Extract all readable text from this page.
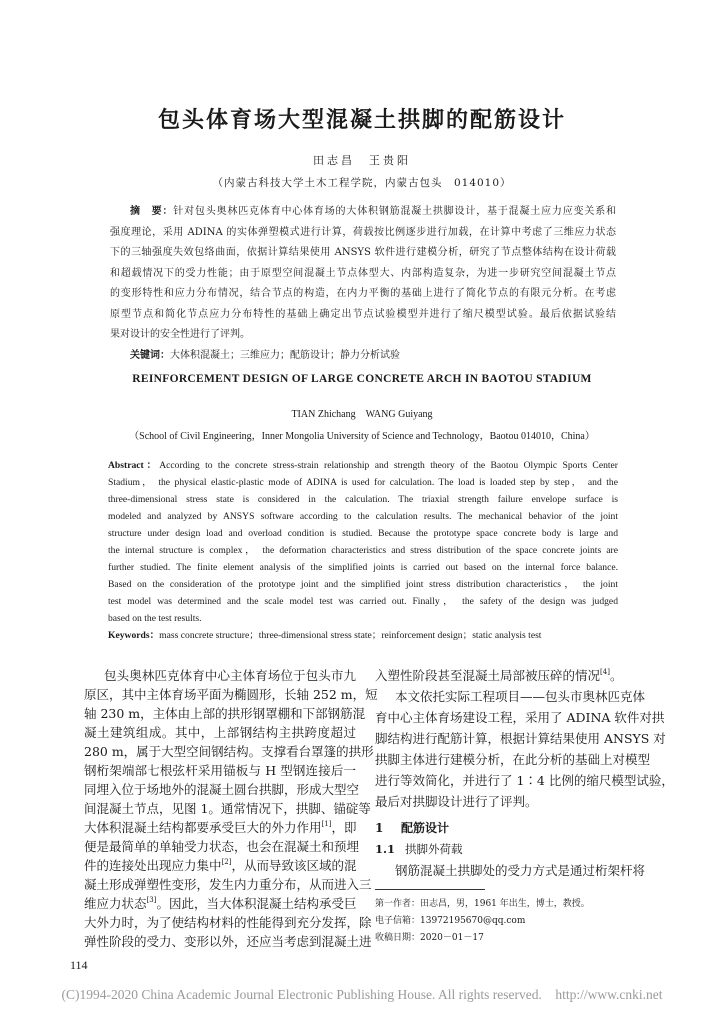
包头体育场大型混凝土拱脚的配筋设计
田志昌　王贵阳
（内蒙古科技大学土木工程学院，内蒙古包头　014010）
摘　要：针对包头奥林匹克体育中心体育场的大体积钢筋混凝土拱脚设计，基于混凝土应力应变关系和
强度理论，采用 ADINA 的实体弹塑模式进行计算，荷载按比例逐步进行加载，在计算中考虑了三维应力状态
下的三轴强度失效包络曲面，依据计算结果使用 ANSYS 软件进行建模分析，研究了节点整体结构在设计荷载
和超载情况下的受力性能；由于原型空间混凝土节点体型大、内部构造复杂，为进一步研究空间混凝土节点
的变形特性和应力分布情况，结合节点的构造，在内力平衡的基础上进行了简化节点的有限元分析。在考虑
原型节点和简化节点应力分布特性的基础上确定出节点试验模型并进行了缩尺模型试验。最后依据试验结
果对设计的安全性进行了评判。
关键词：大体积混凝土；三维应力；配筋设计；静力分析试验
REINFORCEMENT DESIGN OF LARGE CONCRETE ARCH IN BAOTOU STADIUM
TIAN Zhichang　WANG Guiyang
（School of Civil Engineering，Inner Mongolia University of Science and Technology，Baotou 014010，China）
Abstract：According to the concrete stress-strain relationship and strength theory of the Baotou Olympic Sports Center
Stadium， the physical elastic-plastic mode of ADINA is used for calculation. The load is loaded step by step， and the
three-dimensional stress state is considered in the calculation. The triaxial strength failure envelope surface is
modeled and analyzed by ANSYS software according to the calculation results. The mechanical behavior of the joint
structure under design load and overload condition is studied. Because the prototype space concrete body is large and
the internal structure is complex， the deformation characteristics and stress distribution of the space concrete joints are
further studied. The finite element analysis of the simplified joints is carried out based on the internal force balance.
Based on the consideration of the prototype joint and the simplified joint stress distribution characteristics， the joint
test model was determined and the scale model test was carried out. Finally， the safety of the design was judged
based on the test results.
Keywords：mass concrete structure；three-dimensional stress state；reinforcement design；static analysis test
包头奥林匹克体育中心主体育场位于包头市九
原区，其中主体育场平面为椭圆形，长轴 252 m，短
轴 230 m，主体由上部的拱形钢罩棚和下部钢筋混
凝土建筑组成。其中，上部钢结构主拱跨度超过
280 m，属于大型空间钢结构。支撑看台罩篷的拱形
钢桁架端部七根弦杆采用锚板与 H 型钢连接后一
同埋入位于场地外的混凝土圆台拱脚，形成大型空
间混凝土节点，见图 1。通常情况下，拱脚、锚碇等
大体积混凝土结构都要承受巨大的外力作用[1]，即
便是最简单的单轴受力状态，也会在混凝土和预埋
件的连接处出现应力集中[2]，从而导致该区域的混
凝土形成弹塑性变形，发生内力重分布，从而进入三
维应力状态[3]。因此，当大体积混凝土结构承受巨
大外力时，为了使结构材料的性能得到充分发挥，除
弹性阶段的受力、变形以外，还应当考虑到混凝土进
入塑性阶段甚至混凝土局部被压碎的情况[4]。
本文依托实际工程项目——包头市奥林匹克体
育中心主体育场建设工程，采用了 ADINA 软件对拱
脚结构进行配筋计算，根据计算结果使用 ANSYS 对
拱脚主体进行建模分析，在此分析的基础上对模型
进行等效简化，并进行了 1∶4 比例的缩尺模型试验，
最后对拱脚设计进行了评判。
1 配筋设计
1.1 拱脚外荷载
钢筋混凝土拱脚处的受力方式是通过桁架杆将
第一作者：田志昌，男，1961 年出生，博士，教授。
电子信箱：13972195670@qq.com
收稿日期：2020－01－17
114
(C)1994-2020 China Academic Journal Electronic Publishing House. All rights reserved.    http://www.cnki.net
